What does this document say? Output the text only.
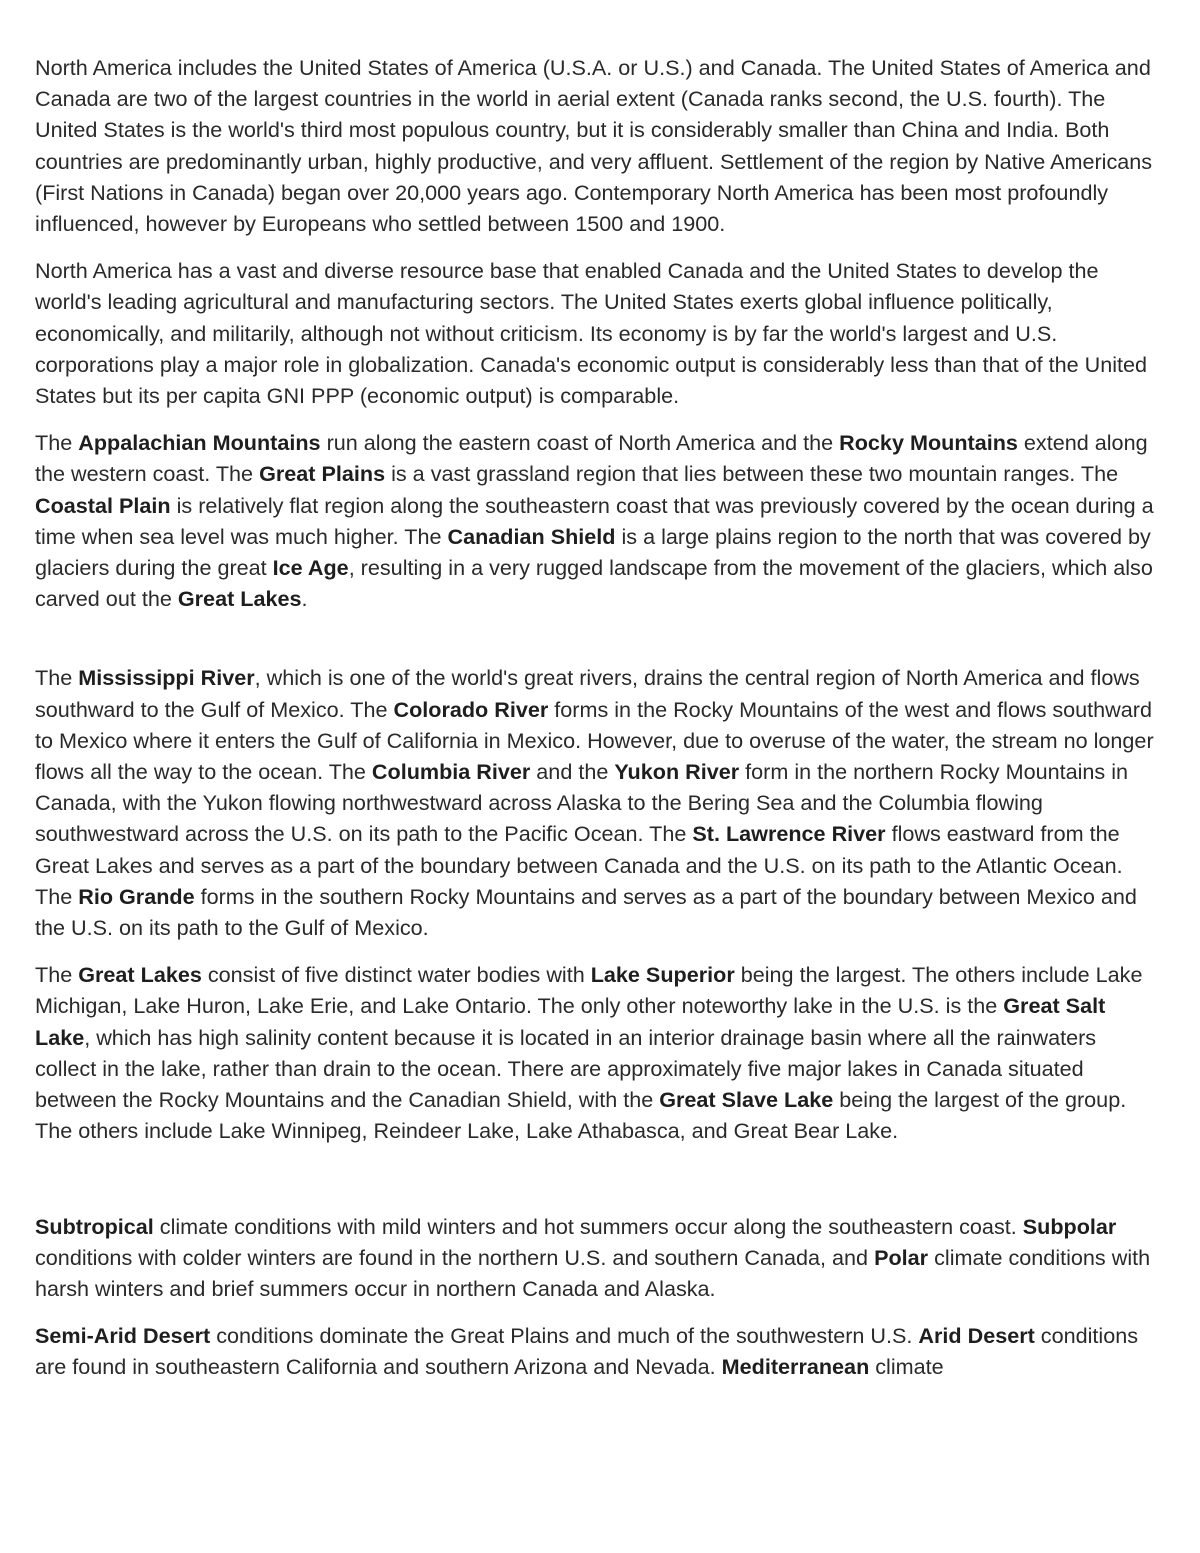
North America includes the United States of America (U.S.A. or U.S.) and Canada. The United States of America and Canada are two of the largest countries in the world in aerial extent (Canada ranks second, the U.S. fourth). The United States is the world's third most populous country, but it is considerably smaller than China and India. Both countries are predominantly urban, highly productive, and very affluent. Settlement of the region by Native Americans (First Nations in Canada) began over 20,000 years ago. Contemporary North America has been most profoundly influenced, however by Europeans who settled between 1500 and 1900.

North America has a vast and diverse resource base that enabled Canada and the United States to develop the world's leading agricultural and manufacturing sectors. The United States exerts global influence politically, economically, and militarily, although not without criticism. Its economy is by far the world's largest and U.S. corporations play a major role in globalization. Canada's economic output is considerably less than that of the United States but its per capita GNI PPP (economic output) is comparable.

The Appalachian Mountains run along the eastern coast of North America and the Rocky Mountains extend along the western coast. The Great Plains is a vast grassland region that lies between these two mountain ranges. The Coastal Plain is relatively flat region along the southeastern coast that was previously covered by the ocean during a time when sea level was much higher. The Canadian Shield is a large plains region to the north that was covered by glaciers during the great Ice Age, resulting in a very rugged landscape from the movement of the glaciers, which also carved out the Great Lakes.

The Mississippi River, which is one of the world's great rivers, drains the central region of North America and flows southward to the Gulf of Mexico. The Colorado River forms in the Rocky Mountains of the west and flows southward to Mexico where it enters the Gulf of California in Mexico. However, due to overuse of the water, the stream no longer flows all the way to the ocean. The Columbia River and the Yukon River form in the northern Rocky Mountains in Canada, with the Yukon flowing northwestward across Alaska to the Bering Sea and the Columbia flowing southwestward across the U.S. on its path to the Pacific Ocean. The St. Lawrence River flows eastward from the Great Lakes and serves as a part of the boundary between Canada and the U.S. on its path to the Atlantic Ocean. The Rio Grande forms in the southern Rocky Mountains and serves as a part of the boundary between Mexico and the U.S. on its path to the Gulf of Mexico.

The Great Lakes consist of five distinct water bodies with Lake Superior being the largest. The others include Lake Michigan, Lake Huron, Lake Erie, and Lake Ontario. The only other noteworthy lake in the U.S. is the Great Salt Lake, which has high salinity content because it is located in an interior drainage basin where all the rainwaters collect in the lake, rather than drain to the ocean. There are approximately five major lakes in Canada situated between the Rocky Mountains and the Canadian Shield, with the Great Slave Lake being the largest of the group. The others include Lake Winnipeg, Reindeer Lake, Lake Athabasca, and Great Bear Lake.

Subtropical climate conditions with mild winters and hot summers occur along the southeastern coast. Subpolar conditions with colder winters are found in the northern U.S. and southern Canada, and Polar climate conditions with harsh winters and brief summers occur in northern Canada and Alaska.

Semi-Arid Desert conditions dominate the Great Plains and much of the southwestern U.S. Arid Desert conditions are found in southeastern California and southern Arizona and Nevada. Mediterranean climate
